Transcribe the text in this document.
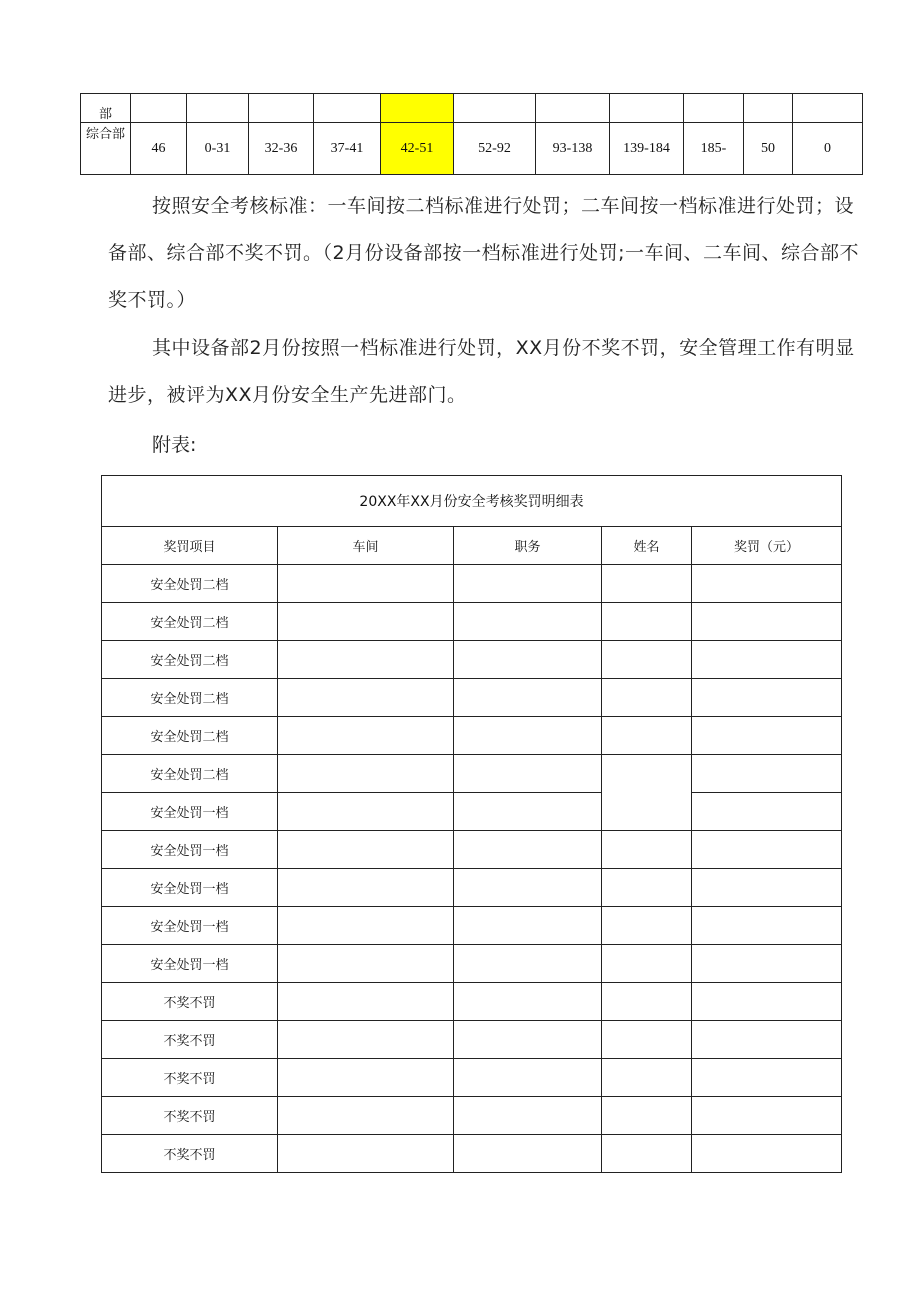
部											
综合部	46	0-31	32-36	37-41	42-51	52-92	93-138	139-184	185-	50	0

按照安全考核标准：一车间按二档标准进行处罚；二车间按一档标准进行处罚；设备部、综合部不奖不罚。（2月份设备部按一档标准进行处罚;一车间、二车间、综合部不奖不罚。）

其中设备部2月份按照一档标准进行处罚，XX月份不奖不罚，安全管理工作有明显进步，被评为XX月份安全生产先进部门。

附表:

20XX年XX月份安全考核奖罚明细表				
奖罚项目	车间	职务	姓名	奖罚（元）
安全处罚二档				
安全处罚二档				
安全处罚二档				
安全处罚二档				
安全处罚二档				
安全处罚二档				
安全处罚一档				
安全处罚一档				
安全处罚一档				
安全处罚一档				
安全处罚一档				
不奖不罚				
不奖不罚				
不奖不罚				
不奖不罚				
不奖不罚				
